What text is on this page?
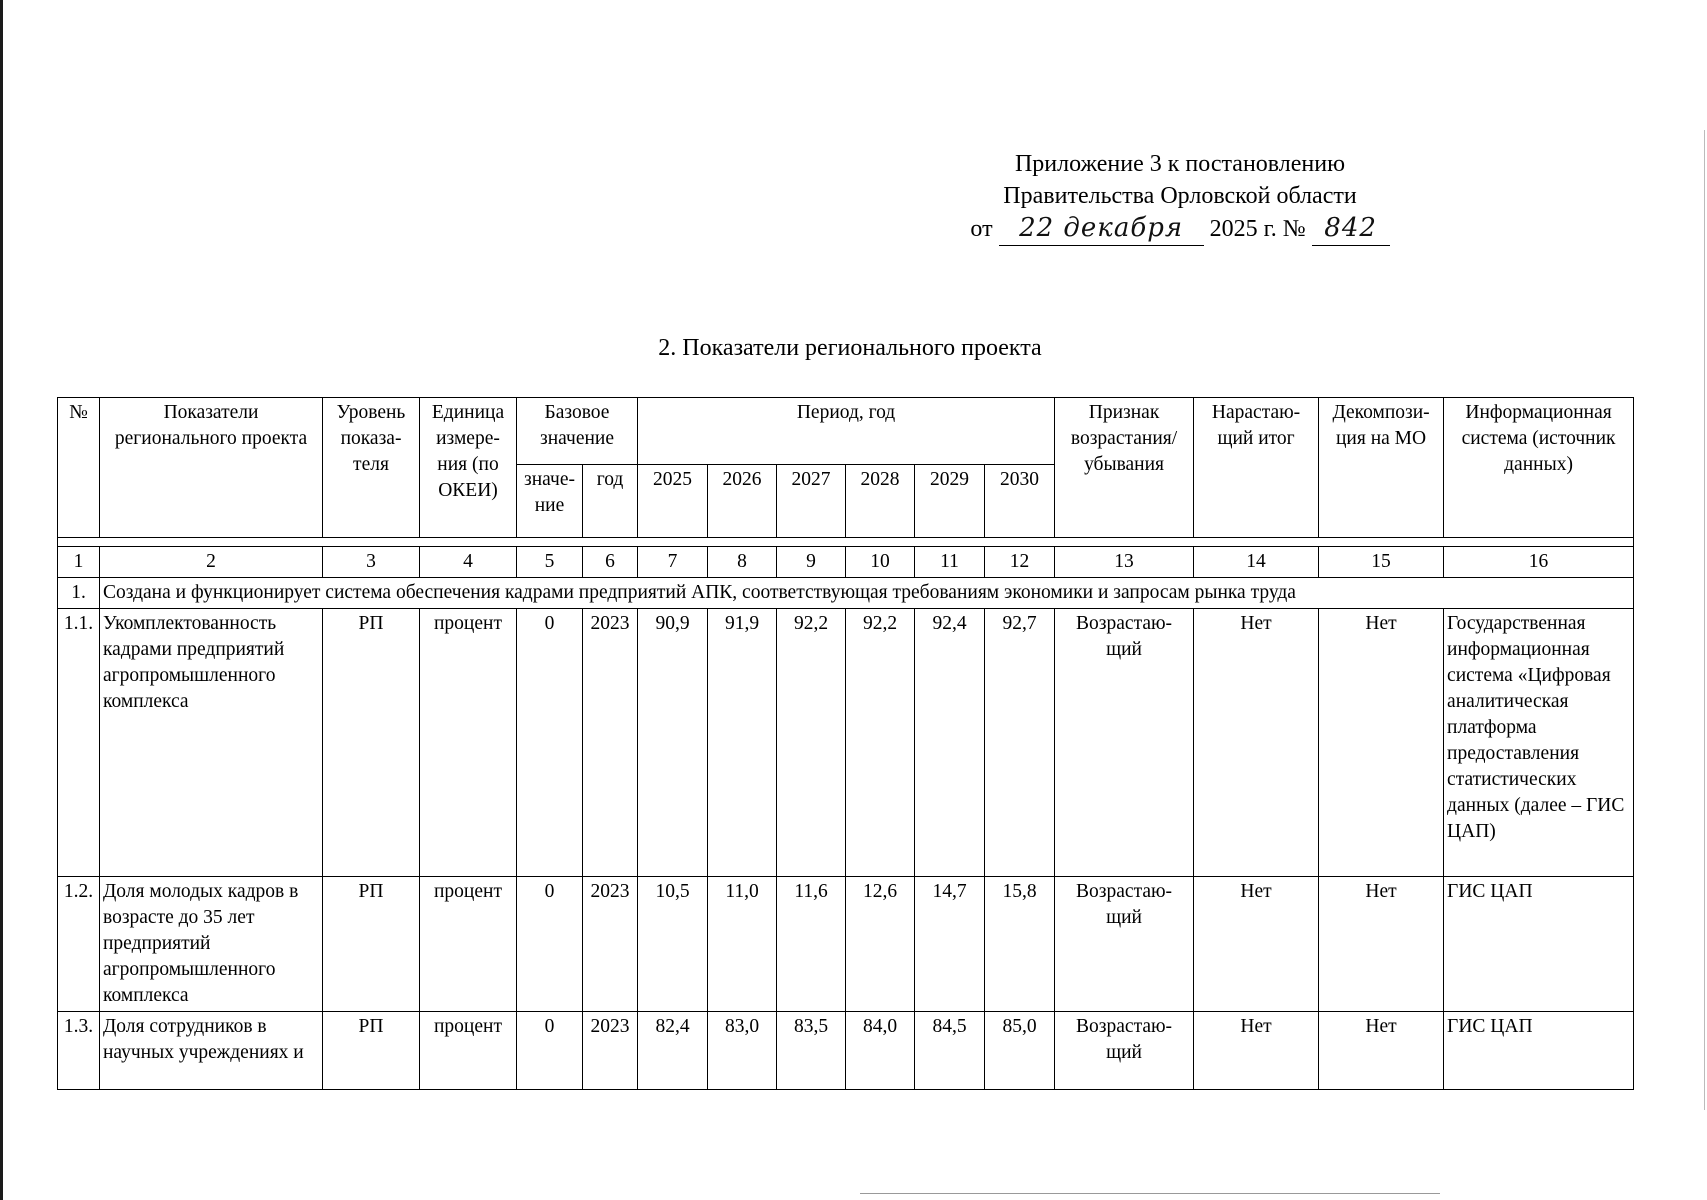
Приложение 3 к постановлению
Правительства Орловской области
от 22 декабря 2025 г. № 842
2. Показатели регионального проекта
№	Показатели регионального проекта	Уровень показа- теля	Единица измере- ния (по ОКЕИ)	Базовое значение		Период, год						Признак возрастания/ убывания	Нарастаю- щий итог	Декомпози- ция на МО	Информационная система (источник данных)
				значе- ние	год	2025	2026	2027	2028	2029	2030				

1	2	3	4	5	6	7	8	9	10	11	12	13	14	15	16
1.	Создана и функционирует система обеспечения кадрами предприятий АПК, соответствующая требованиям экономики и запросам рынка труда														
1.1.	Укомплектованность кадрами предприятий агропромышленного комплекса	РП	процент	0	2023	90,9	91,9	92,2	92,2	92,4	92,7	Возрастаю- щий	Нет	Нет	Государственная информационная система «Цифровая аналитическая платформа предоставления статистических данных (далее – ГИС ЦАП)
1.2.	Доля молодых кадров в возрасте до 35 лет предприятий агропромышленного комплекса	РП	процент	0	2023	10,5	11,0	11,6	12,6	14,7	15,8	Возрастаю- щий	Нет	Нет	ГИС ЦАП
1.3.	Доля сотрудников в научных учреждениях и	РП	процент	0	2023	82,4	83,0	83,5	84,0	84,5	85,0	Возрастаю- щий	Нет	Нет	ГИС ЦАП
